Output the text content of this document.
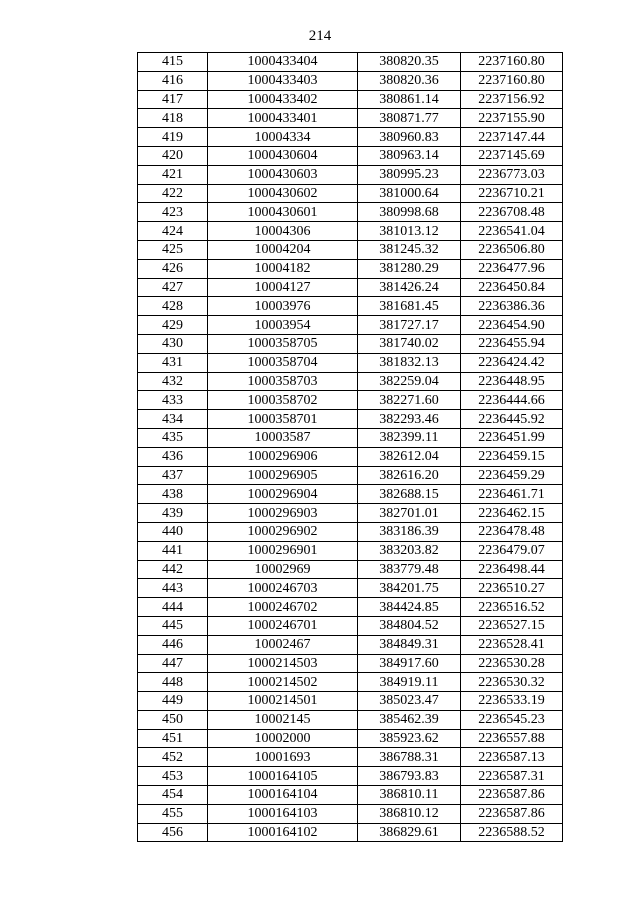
214
415	1000433404	380820.35	2237160.80
416	1000433403	380820.36	2237160.80
417	1000433402	380861.14	2237156.92
418	1000433401	380871.77	2237155.90
419	10004334	380960.83	2237147.44
420	1000430604	380963.14	2237145.69
421	1000430603	380995.23	2236773.03
422	1000430602	381000.64	2236710.21
423	1000430601	380998.68	2236708.48
424	10004306	381013.12	2236541.04
425	10004204	381245.32	2236506.80
426	10004182	381280.29	2236477.96
427	10004127	381426.24	2236450.84
428	10003976	381681.45	2236386.36
429	10003954	381727.17	2236454.90
430	1000358705	381740.02	2236455.94
431	1000358704	381832.13	2236424.42
432	1000358703	382259.04	2236448.95
433	1000358702	382271.60	2236444.66
434	1000358701	382293.46	2236445.92
435	10003587	382399.11	2236451.99
436	1000296906	382612.04	2236459.15
437	1000296905	382616.20	2236459.29
438	1000296904	382688.15	2236461.71
439	1000296903	382701.01	2236462.15
440	1000296902	383186.39	2236478.48
441	1000296901	383203.82	2236479.07
442	10002969	383779.48	2236498.44
443	1000246703	384201.75	2236510.27
444	1000246702	384424.85	2236516.52
445	1000246701	384804.52	2236527.15
446	10002467	384849.31	2236528.41
447	1000214503	384917.60	2236530.28
448	1000214502	384919.11	2236530.32
449	1000214501	385023.47	2236533.19
450	10002145	385462.39	2236545.23
451	10002000	385923.62	2236557.88
452	10001693	386788.31	2236587.13
453	1000164105	386793.83	2236587.31
454	1000164104	386810.11	2236587.86
455	1000164103	386810.12	2236587.86
456	1000164102	386829.61	2236588.52
